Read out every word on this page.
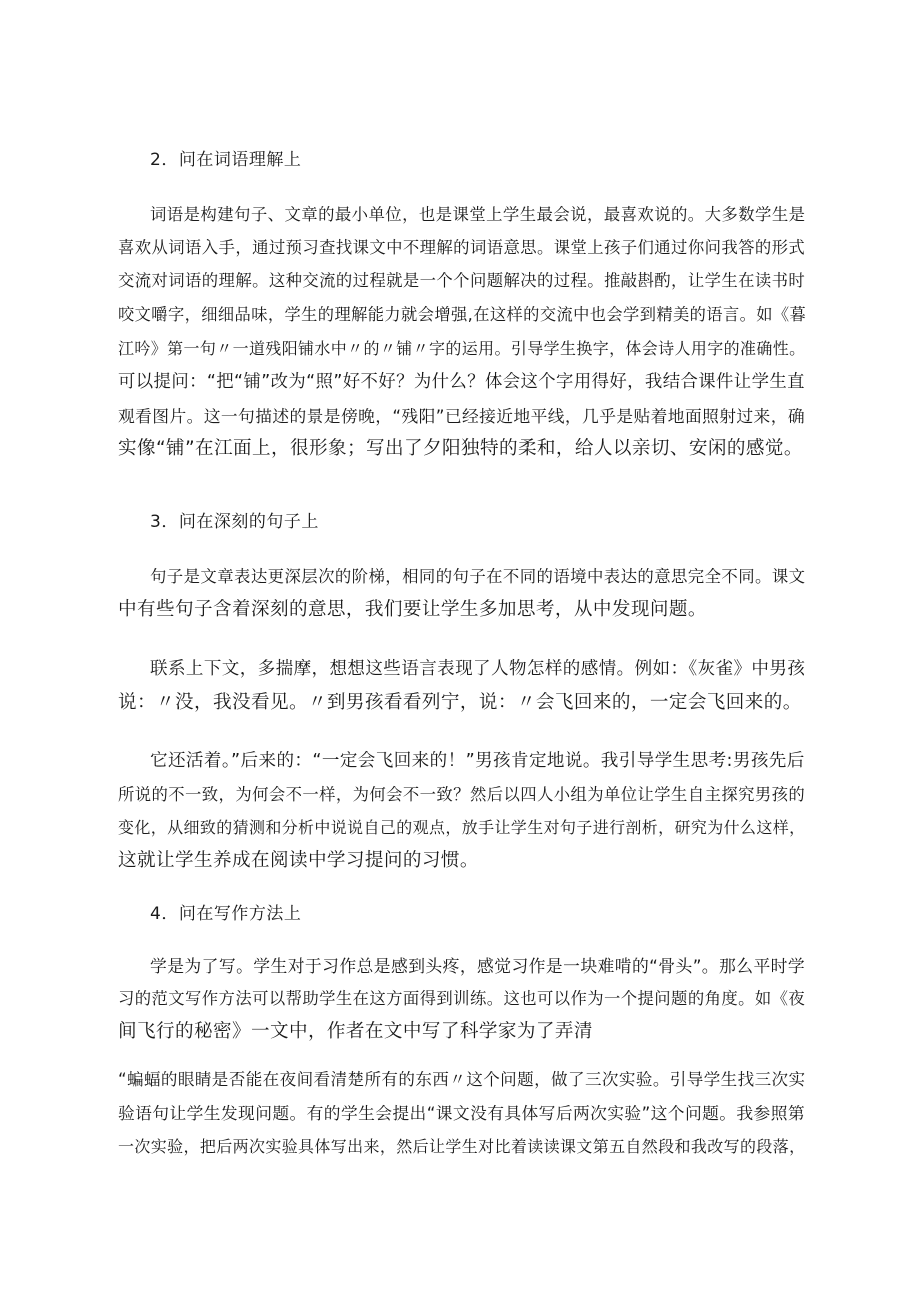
2．问在词语理解上
词语是构建句子、文章的最小单位，也是课堂上学生最会说，最喜欢说的。大多数学生是
喜欢从词语入手，通过预习查找课文中不理解的词语意思。课堂上孩子们通过你问我答的形式
交流对词语的理解。这种交流的过程就是一个个问题解决的过程。推敲斟酌，让学生在读书时
咬文嚼字，细细品味，学生的理解能力就会增强,在这样的交流中也会学到精美的语言。如《暮
江吟》第一句〃一道残阳铺水中〃的〃铺〃字的运用。引导学生换字，体会诗人用字的准确性。
可以提问：“把“铺”改为“照”好不好？为什么？体会这个字用得好，我结合课件让学生直
观看图片。这一句描述的景是傍晚，“残阳”已经接近地平线，几乎是贴着地面照射过来，确
实像“铺”在江面上，很形象；写出了夕阳独特的柔和，给人以亲切、安闲的感觉。
3．问在深刻的句子上
句子是文章表达更深层次的阶梯，相同的句子在不同的语境中表达的意思完全不同。课文
中有些句子含着深刻的意思，我们要让学生多加思考，从中发现问题。
联系上下文，多揣摩，想想这些语言表现了人物怎样的感情。例如：《灰雀》中男孩
说：〃没，我没看见。〃到男孩看看列宁，说：〃会飞回来的，一定会飞回来的。
它还活着。”后来的：“一定会飞回来的！”男孩肯定地说。我引导学生思考:男孩先后
所说的不一致，为何会不一样，为何会不一致？然后以四人小组为单位让学生自主探究男孩的
变化，从细致的猜测和分析中说说自己的观点，放手让学生对句子进行剖析，研究为什么这样，
这就让学生养成在阅读中学习提问的习惯。
4．问在写作方法上
学是为了写。学生对于习作总是感到头疼，感觉习作是一块难啃的“骨头”。那么平时学
习的范文写作方法可以帮助学生在这方面得到训练。这也可以作为一个提问题的角度。如《夜
间飞行的秘密》一文中，作者在文中写了科学家为了弄清
“蝙蝠的眼睛是否能在夜间看清楚所有的东西〃这个问题，做了三次实验。引导学生找三次实
验语句让学生发现问题。有的学生会提出“课文没有具体写后两次实验”这个问题。我参照第
一次实验，把后两次实验具体写出来，然后让学生对比着读读课文第五自然段和我改写的段落，
